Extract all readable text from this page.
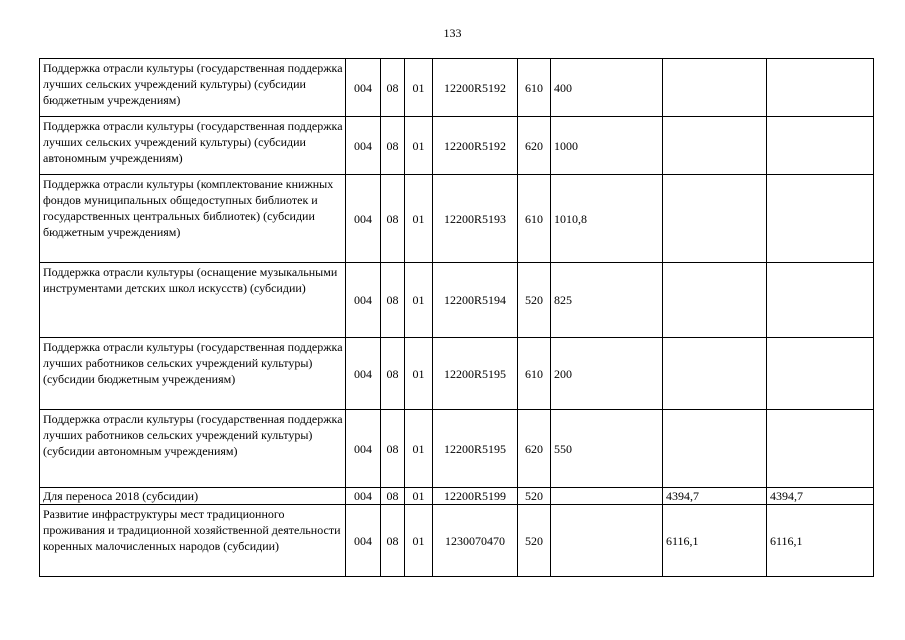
133
Поддержка отрасли культуры (государственная поддержка лучших сельских учреждений культуры) (субсидии бюджетным учреждениям)	004	08	01	12200R5192	610	400		
Поддержка отрасли культуры (государственная поддержка лучших сельских учреждений культуры) (субсидии автономным учреждениям)	004	08	01	12200R5192	620	1000		
Поддержка отрасли культуры (комплектование книжных фондов муниципальных общедоступных библиотек и государственных центральных библиотек) (субсидии бюджетным учреждениям)	004	08	01	12200R5193	610	1010,8		
Поддержка отрасли культуры (оснащение музыкальными инструментами детских школ искусств) (субсидии)	004	08	01	12200R5194	520	825		
Поддержка отрасли культуры (государственная поддержка лучших работников сельских учреждений культуры) (субсидии бюджетным учреждениям)	004	08	01	12200R5195	610	200		
Поддержка отрасли культуры (государственная поддержка лучших работников сельских учреждений культуры) (субсидии автономным учреждениям)	004	08	01	12200R5195	620	550		
Для переноса 2018 (субсидии)	004	08	01	12200R5199	520		4394,7	4394,7
Развитие инфраструктуры мест традиционного проживания и традиционной хозяйственной деятельности коренных малочисленных народов (субсидии)	004	08	01	1230070470	520		6116,1	6116,1
